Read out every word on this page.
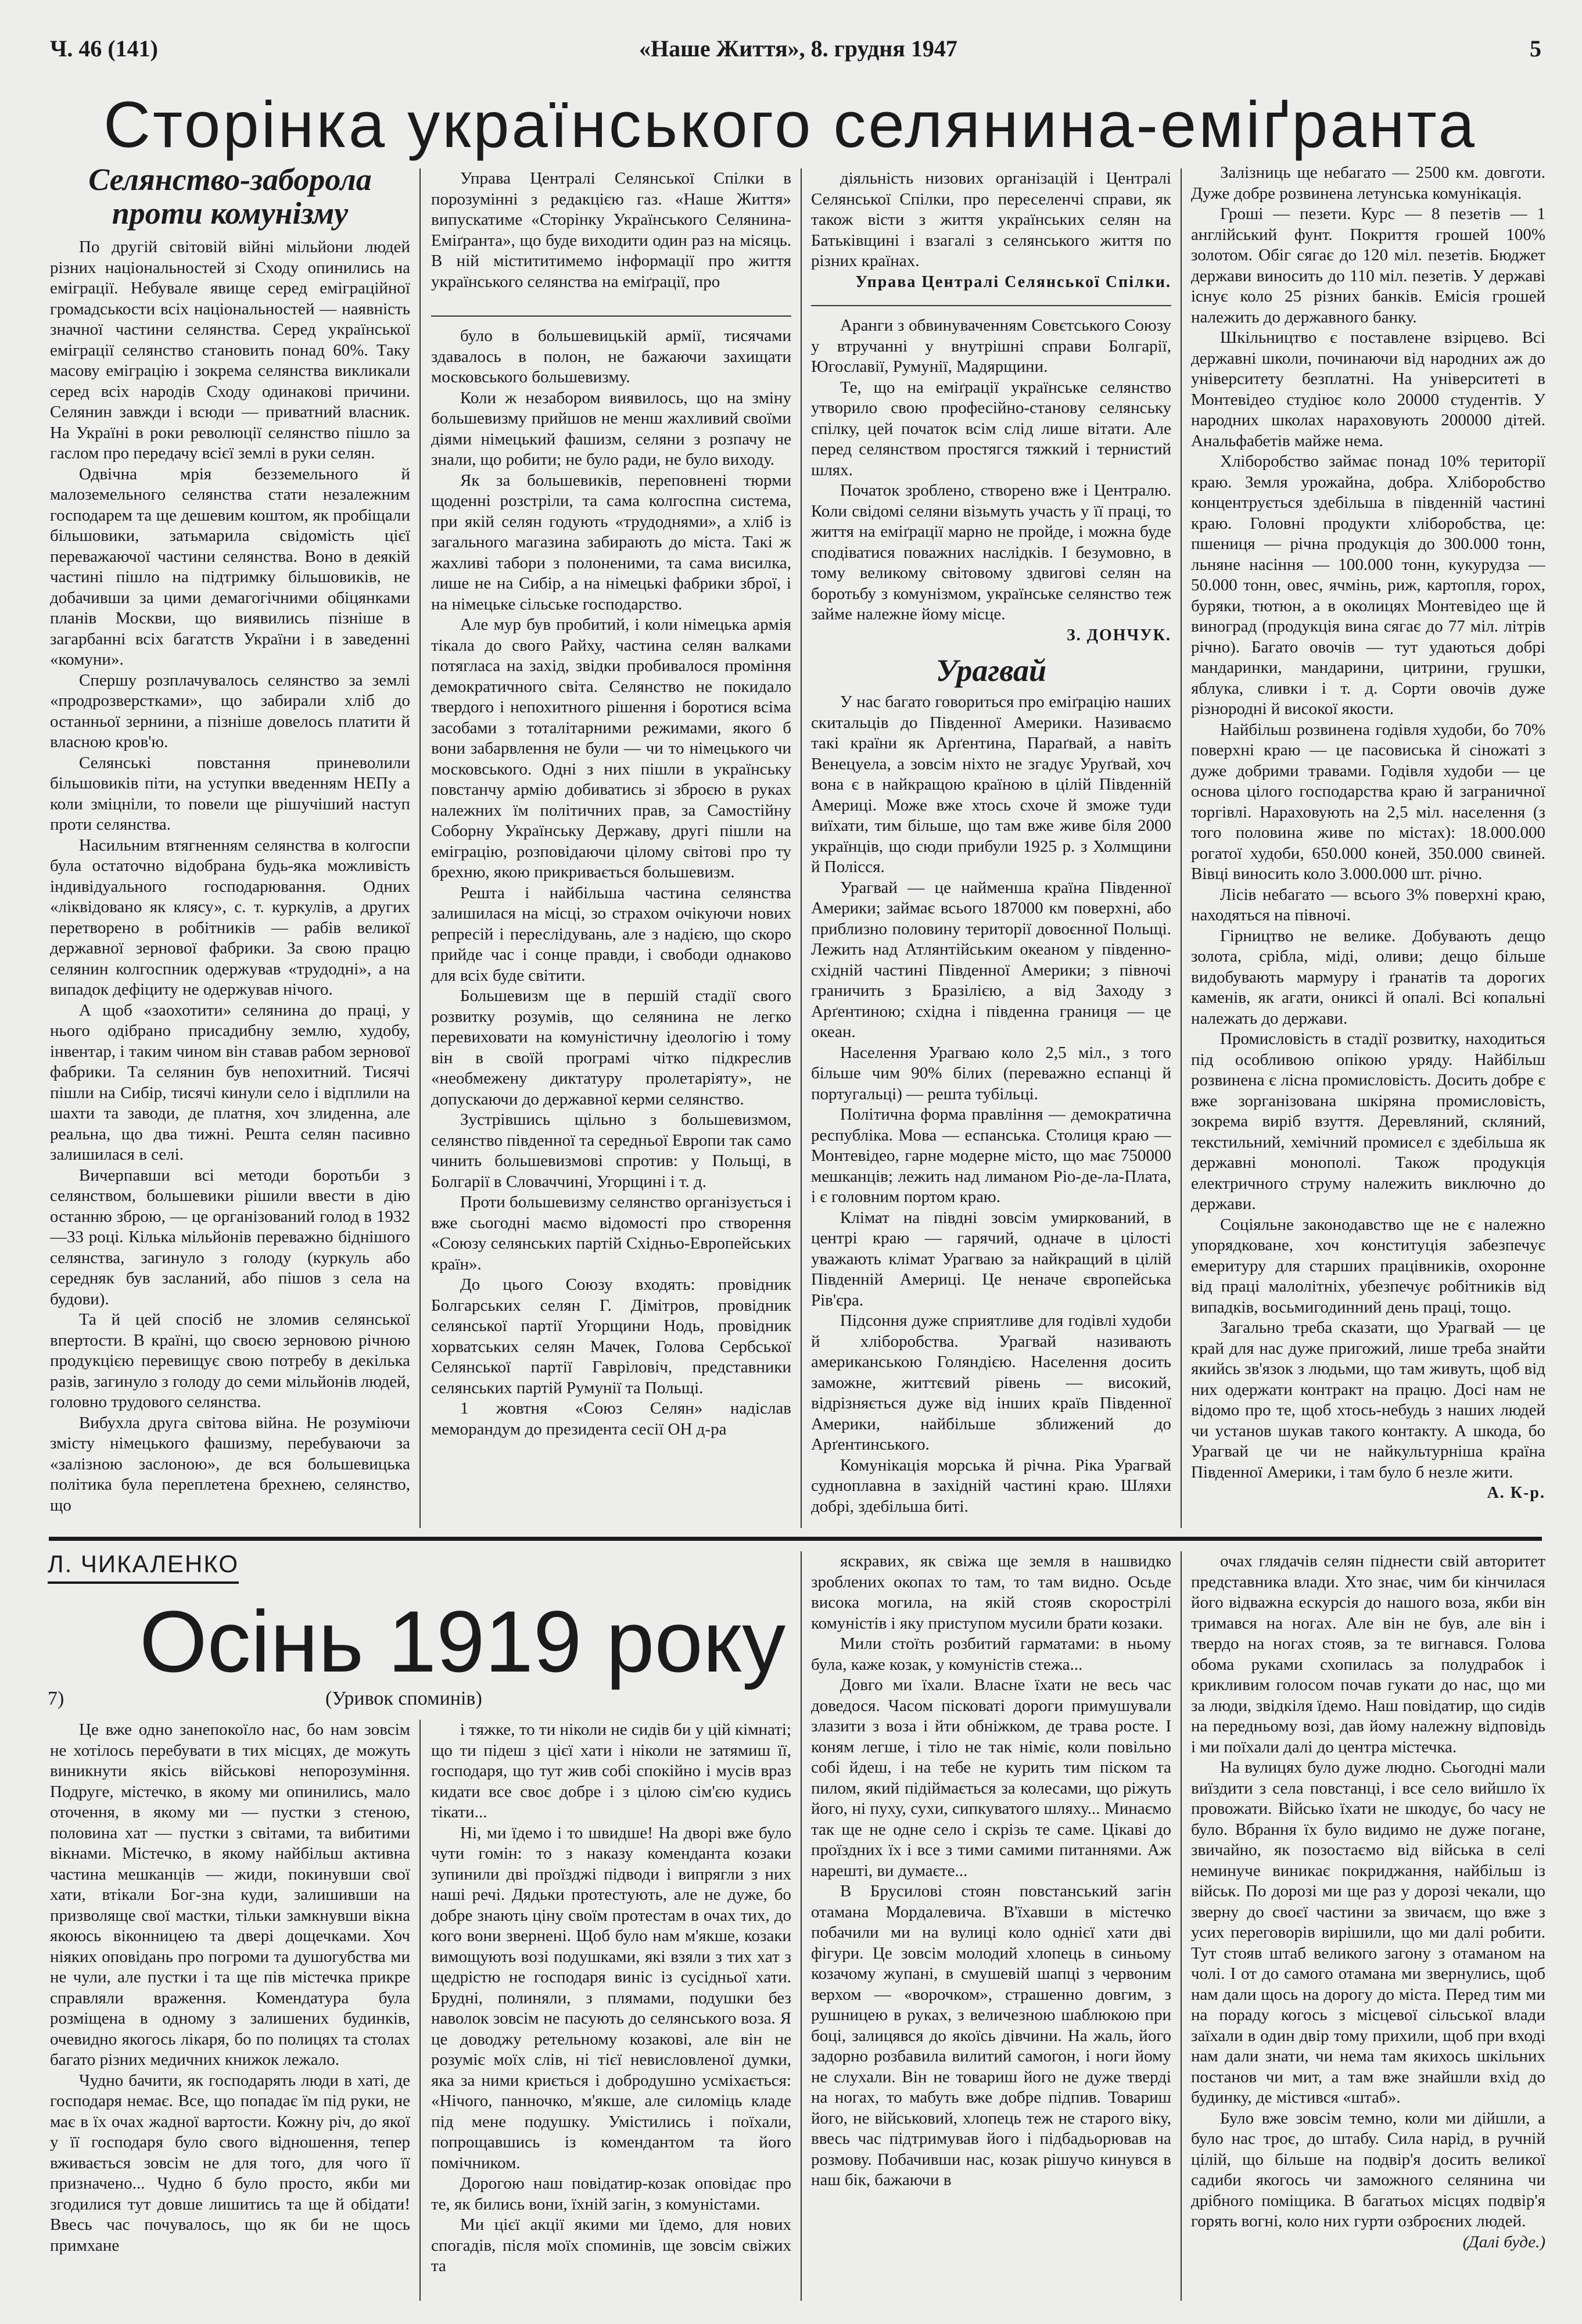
Ч. 46 (141)	«Наше Життя», 8. грудня 1947	5
Сторінка українського селянина-еміґранта
Селянство-заборола проти комунізму

По другій світовій війні мільйони людей різних національностей зі Сходу опинились на еміграції. Небувале явище серед еміграційної громадськости всіх національностей — наявність значної частини селянства. Серед української еміграції селянство становить понад 60%. Таку масову еміграцію і зокрема селянства викликали серед всіх народів Сходу одинакові причини. Селянин завжди і всюди — приватний власник. На Україні в роки революції селянство пішло за гаслом про передачу всієї землі в руки селян.

Одвічна мрія безземельного й малоземельного селянства стати незалежним господарем та ще дешевим коштом, як пробіщали більшовики, затьмарила свідомість цієї переважаючої частини селянства. Воно в деякій частині пішло на підтримку більшовиків, не добачивши за цими демагогічними обіцянками планів Москви, що виявились пізніше в загарбанні всіх багатств України і в заведенні «комуни».

Спершу розплачувалось селянство за землі «продрозверстками», що забирали хліб до останньої зернини, а пізніше довелось платити й власною кров'ю.

Селянські повстання приневолили більшовиків піти, на уступки введенням НЕПу а коли зміцніли, то повели ще рішучіший наступ проти селянства.

Насильним втягненням селянства в колгоспи була остаточно відобрана будь-яка можливість індивідуального господарювання. Одних «ліквідовано як клясу», с. т. куркулів, а других перетворено в робітників — рабів великої державної зернової фабрики. За свою працю селянин колгоспник одержував «трудодні», а на випадок дефіциту не одержував нічого.

А щоб «заохотити» селянина до праці, у нього одібрано присадибну землю, худобу, інвентар, і таким чином він ставав рабом зернової фабрики. Та селянин був непохитний. Тисячі пішли на Сибір, тисячі кинули село і відплили на шахти та заводи, де платня, хоч злиденна, але реальна, що два тижні. Решта селян пасивно залишилася в селі.

Вичерпавши всі методи боротьби з селянством, большевики рішили ввести в дію останню зброю, — це організований голод в 1932—33 році. Кілька мільйонів переважно біднішого селянства, загинуло з голоду (куркуль або середняк був засланий, або пішов з села на будови).

Та й цей спосіб не зломив селянської впертости. В країні, що своєю зерновою річною продукцією перевищує свою потребу в декілька разів, загинуло з голоду до семи мільйонів людей, головно трудового селянства.

Вибухла друга світова війна. Не розуміючи змісту німецького фашизму, перебуваючи за «залізною заслоною», де вся большевицька політика була переплетена брехнею, селянство, що

Управа Централі Селянської Спілки в порозумінні з редакцією газ. «Наше Життя» випускатиме «Сторінку Українського Селянина-Еміґранта», що буде виходити один раз на місяць. В ній містититимемо інформації про життя українського селянства на еміґрації, про

було в большевицькій армії, тисячами здавалось в полон, не бажаючи захищати московського большевизму.

Коли ж незабором виявилось, що на зміну большевизму прийшов не менш жахливий своїми діями німецький фашизм, селяни з розпачу не знали, що робити; не було ради, не було виходу.

Як за большевиків, переповнені тюрми щоденні розстріли, та сама колгоспна система, при якій селян годують «трудоднями», а хліб із загального магазина забирають до міста. Такі ж жахливі табори з полоненими, та сама висилка, лише не на Сибір, а на німецькі фабрики зброї, і на німецьке сільське господарство.

Але мур був пробитий, і коли німецька армія тікала до свого Райху, частина селян валками потягласа на захід, звідки пробивалося проміння демократичного світа. Селянство не покидало твердого і непохитного рішення і боротися всіма засобами з тоталітарними режимами, якого б вони забарвлення не були — чи то німецького чи московського. Одні з них пішли в українську повстанчу армію добиватись зі зброєю в руках належних їм політичних прав, за Самостійну Соборну Українську Державу, другі пішли на еміграцію, розповідаючи цілому світові про ту брехню, якою прикривається большевизм.

Решта і найбільша частина селянства залишилася на місці, зо страхом очікуючи нових репресій і переслідувань, але з надією, що скоро прийде час і сонце правди, і свободи однаково для всіх буде світити.

Большевизм ще в першій стадії свого розвитку розумів, що селянина не легко перевиховати на комуністичну ідеологію і тому він в своїй програмі чітко підкреслив «необмежену диктатуру пролетаріяту», не допускаючи до державної керми селянство.

Зустрівшись щільно з большевизмом, селянство південної та середньої Европи так само чинить большевизмові спротив: у Польщі, в Болгарії в Словаччині, Угорщині і т. д.

Проти большевизму селянство організується і вже сьогодні маємо відомості про створення «Союзу селянських партій Східньо-Европейських країн».

До цього Союзу входять: провідник Болгарських селян Г. Дімітров, провідник селянської партії Угорщини Нодь, провідник хорватських селян Мачек, Голова Сербської Селянської партії Гавріловіч, представники селянських партій Румунії та Польщі.

1 жовтня «Союз Селян» надіслав меморандум до президента сесії ОН д-ра

діяльність низових організацій і Централі Селянської Спілки, про переселенчі справи, як також вісти з життя українських селян на Батьківщині і взагалі з селянського життя по різних країнах.

Управа Централі Селянської Спілки.

Аранги з обвинуваченням Совєтського Союзу у втручанні у внутрішні справи Болгарії, Югославії, Румунії, Мадярщини.

Те, що на еміґрації українське селянство утворило свою професійно-становy селянську спілку, цей початок всім слід лише вітати. Але перед селянством простягся тяжкий і тернистий шлях.

Початок зроблено, створено вже і Централю. Коли свідомі селяни візьмуть участь у її праці, то життя на еміґрації марно не пройде, і можна буде сподіватися поважних наслідків. І безумовно, в тому великому світовому здвигові селян на боротьбу з комунізмом, українське селянство теж займе належне йому місце.

З. ДОНЧУК.
Урагвай

У нас багато говориться про еміґрацію наших скитальців до Південної Америки. Називаємо такі країни як Арґентина, Параґвай, а навіть Венецуела, а зовсім ніхто не згадує Уруґвай, хоч вона є в найкращою країною в цілій Південній Америці. Може вже хтось схоче й зможе туди виїхати, тим більше, що там вже живе біля 2000 українців, що сюди прибули 1925 р. з Холмщини й Полісся.

Урагвай — це найменша країна Південної Америки; займає всього 187000 км поверхні, або приблизно половину території довоєнної Польщі. Лежить над Атлянтійським океаном у південно-східній частині Південної Америки; з півночі граничить з Бразілією, а від Заходу з Арґентиною; східна і південна границя — це океан.

Населення Урагваю коло 2,5 міл., з того більше чим 90% білих (переважно еспанці й португальці) — решта тубільці.

Політична форма правління — демократична республіка. Мова — еспанська. Столиця краю — Монтевідео, гарне модерне місто, що має 750000 мешканців; лежить над лиманом Ріо-де-ла-Плата, і є головним портом краю.

Клімат на півдні зовсім умиркований, в центрі краю — гарячий, одначе в цілості уважають клімат Урагваю за найкращий в цілій Південній Америці. Це неначе європейська Рів'єра.

Підсоння дуже сприятливе для годівлі худоби й хліборобства. Урагвай називають американською Голяндією. Населення досить заможне, життєвий рівень — високий, відрізняється дуже від інших країв Південної Америки, найбільше зближений до Арґентинського.

Комунікація морська й річна. Ріка Урагвай судноплавна в західній частині краю. Шляхи добрі, здебільша биті.

Залізниць ще небагато — 2500 км. довготи. Дуже добре розвинена летунська комунікація.

Гроші — пезети. Курс — 8 пезетів — 1 англійський фунт. Покриття грошей 100% золотом. Обіг сягає до 120 міл. пезетів. Бюджет держави виносить до 110 міл. пезетів. У державі існує коло 25 різних банків. Емісія грошей належить до державного банку.

Шкільництво є поставлене взірцево. Всі державні школи, починаючи від народних аж до університету безплатні. На університеті в Монтевідео студіює коло 20000 студентів. У народних школах нараховують 200000 дітей. Анальфабетів майже нема.

Хліборобство займає понад 10% території краю. Земля урожайна, добра. Хліборобство концентрується здебільша в південній частині краю. Головні продукти хліборобства, це: пшениця — річна продукція до 300.000 тонн, льняне насіння — 100.000 тонн, кукурудза — 50.000 тонн, овес, ячмінь, риж, картопля, горох, буряки, тютюн, а в околицях Монтевідео ще й виноград (продукція вина сягає до 77 міл. літрів річно). Багато овочів — тут удаються добрі мандаринки, мандарини, цитрини, грушки, яблука, сливки і т. д. Сорти овочів дуже різнородні й високої якости.

Найбільш розвинена годівля худоби, бо 70% поверхні краю — це пасовиська й сіножаті з дуже добрими травами. Годівля худоби — це основа цілого господарства краю й заграничної торгівлі. Нараховують на 2,5 міл. населення (з того половина живе по містах): 18.000.000 рогатої худоби, 650.000 коней, 350.000 свиней. Вівці виносить коло 3.000.000 шт. річно.

Лісів небагато — всього 3% поверхні краю, находяться на півночі.

Гірництво не велике. Добувають дещо золота, срібла, міді, оливи; дещо більше видобувають мармуру і ґранатів та дорогих каменів, як агати, ониксі й опалі. Всі копальні належать до держави.

Промисловість в стадії розвитку, находиться під особливою опікою уряду. Найбільш розвинена є лісна промисловість. Досить добре є вже зорганізована шкіряна промисловість, зокрема виріб взуття. Деревляний, скляний, текстильний, хемічний промисел є здебільша як державні монополі. Також продукція електричного струму належить виключно до держави.

Соціяльне законодавство ще не є належно упорядковане, хоч конституція забезпечує емеритуру для старших працівників, охоронне від праці малолітніх, убезпечує робітників від випадків, восьмигодинний день праці, тощо.

Загально треба сказати, що Урагвай — це край для нас дуже пригожий, лише треба знайти якийсь зв'язок з людьми, що там живуть, щоб від них одержати контракт на працю. Досі нам не відомо про те, щоб хтось-небудь з наших людей чи установ шукав такого контакту. А шкода, бо Урагвай це чи не найкультурніша країна Південної Америки, і там було б незле жити.

А. К-р.
Л. ЧИКАЛЕНКО
Осінь 1919 року
7)	(Уривок споминів)

Це вже одно занепокоїло нас, бо нам зовсім не хотілось перебувати в тих місцях, де можуть виникнути якісь військові непорозуміння. Подруге, містечко, в якому ми опинились, мало оточення, в якому ми — пустки з стеною, половина хат — пустки з світами, та вибитими вікнами. Містечко, в якому найбільш активна частина мешканців — жиди, покинувши свої хати, втікали Бог-зна куди, залишивши на призволяще свої мастки, тільки замкнувши вікна якоюсь віконницею та двері дощечками. Хоч ніяких оповідань про погроми та душогубства ми не чули, але пустки і та ще пів містечка прикре справляли враження. Комендатура була розміщена в одному з залишених будинків, очевидно якогось лікаря, бо по полицях та столах багато різних медичних книжок лежало.

Чудно бачити, як господарять люди в хаті, де господаря немає. Все, що попадає їм під руки, не має в їх очах жадної вартости. Кожну річ, до якої у її господаря було свого відношення, тепер вживається зовсім не для того, для чого її призначено... Чудно б було просто, якби ми згодилися тут довше лишитись та ще й обідати! Ввесь час почувалось, що як би не щось примхане

і тяжке, то ти ніколи не сидів би у цій кімнаті; що ти підеш з цієї хати і ніколи не затямиш її, господаря, що тут жив собі спокійно і мусів враз кидати все своє добре і з цілою сім'єю кудись тікати...

Ні, ми їдемо і то швидше! На дворі вже було чути гомін: то з наказу коменданта козаки зупинили дві проїзджі підводи і випрягли з них наші речі. Дядьки протестують, але не дуже, бо добре знають ціну своїм протестам в очах тих, до кого вони звернені. Щоб було нам м'якше, козаки вимощують возі подушками, які взяли з тих хат з щедрістю не господаря виніс із сусідньої хати. Брудні, полиняли, з плямами, подушки без наволок зовсім не пасують до селянського воза. Я це доводжу ретельному козакові, але він не розуміє моїх слів, ні тієї невисловленої думки, яка за ними криється і добродушно усміхається: «Нічого, панночко, м'якше, але силоміць кладе під мене подушку. Умістились і поїхали, попрощавшись із комендантом та його помічником.

Дорогою наш повідатир-козак оповідає про те, як бились вони, їхній загін, з комуністами.

Ми цієї акції якими ми їдемо, для нових спогадів, після моїх споминів, ще зовсім свіжих та

яскравих, як свіжа ще земля в нашвидко зроблених окопах то там, то там видно. Осьде висока могила, на якій стояв скорострілі комуністів і яку приступом мусили брати козаки.

Мили стоїть розбитий гарматами: в ньому була, каже козак, у комуністів стежа...

Довго ми їхали. Власне їхати не весь час доведося. Часом пісковаті дороги примушували злазити з воза і йти обніжком, де трава росте. І коням легше, і тіло не так німіє, коли повільно собі йдеш, і на тебе не курить тим піском та пилом, який підіймається за колесами, що ріжуть його, ні пуху, сухи, сипкуватого шляху... Минаємо так ще не одне село і скрізь те саме. Цікаві до проїздних їх і все з тими самими питаннями. Аж нарешті, ви думаєте...

В Брусилові стоян повстанський загін отамана Мордалевича. В'їхавши в містечко побачили ми на вулиці коло однієї хати дві фігури. Це зовсім молодий хлопець в синьому козачому жупані, в смушевій шапці з червоним верхом — «ворочком», страшенно довгим, з рушницею в руках, з величезною шаблюкою при боці, залицявся до якоїсь дівчини. На жаль, його задорно розбавила вилитий самогон, і ноги йому не слухали. Він не товариш його не дуже тверді на ногах, то мабуть вже добре підпив. Товариш його, не військовий, хлопець теж не старого віку, ввесь час підтримував його і підбадьорював на розмову. Побачивши нас, козак рішучо кинувся в наш бік, бажаючи в

очах глядачів селян піднести свій авторитет представника влади. Хто знає, чим би кінчилася його відважна ескурсія до нашого воза, якби він тримався на ногах. Але він не був, але він і твердо на ногах стояв, за те вигнався. Голова обома руками схопилась за полудрабок і крикливим голосом почав гукати до нас, що ми за люди, звідкіля їдемо. Наш повідатир, що сидів на передньому возі, дав йому належну відповідь і ми поїхали далі до центра містечка.

На вулицях було дуже людно. Сьогодні мали виїздити з села повстанці, і все село вийшло їх провожати. Військо їхати не шкодує, бо часу не було. Вбрання їх було видимо не дуже погане, звичайно, як позостаємо від війська в селі неминуче виникає покриджання, найбільш із військ. По дорозі ми ще раз у дорозі чекали, що зверну до своєї частини за звичаєм, що вже з усих переговорів вирішили, що ми далі робити. Тут стояв штаб великого загону з отаманом на чолі. І от до самого отамана ми звернулись, щоб нам дали щось на дорогу до міста. Перед тим ми на пораду когось з місцевої сільської влади заїхали в один двір тому прихили, щоб при вході нам дали знати, чи нема там якихось шкільних постанов чи мит, а там вже знайшли вхід до будинку, де містився «штаб».

Було вже зовсім темно, коли ми дійшли, а було нас троє, до штабу. Сила нарід, в ручній цілій, що більше на подвір'я досить великої садиби якогось чи заможного селянина чи дрібного поміщика. В багатьох місцях подвір'я горять вогні, коло них гурти озброєних людей.

(Далі буде.)
